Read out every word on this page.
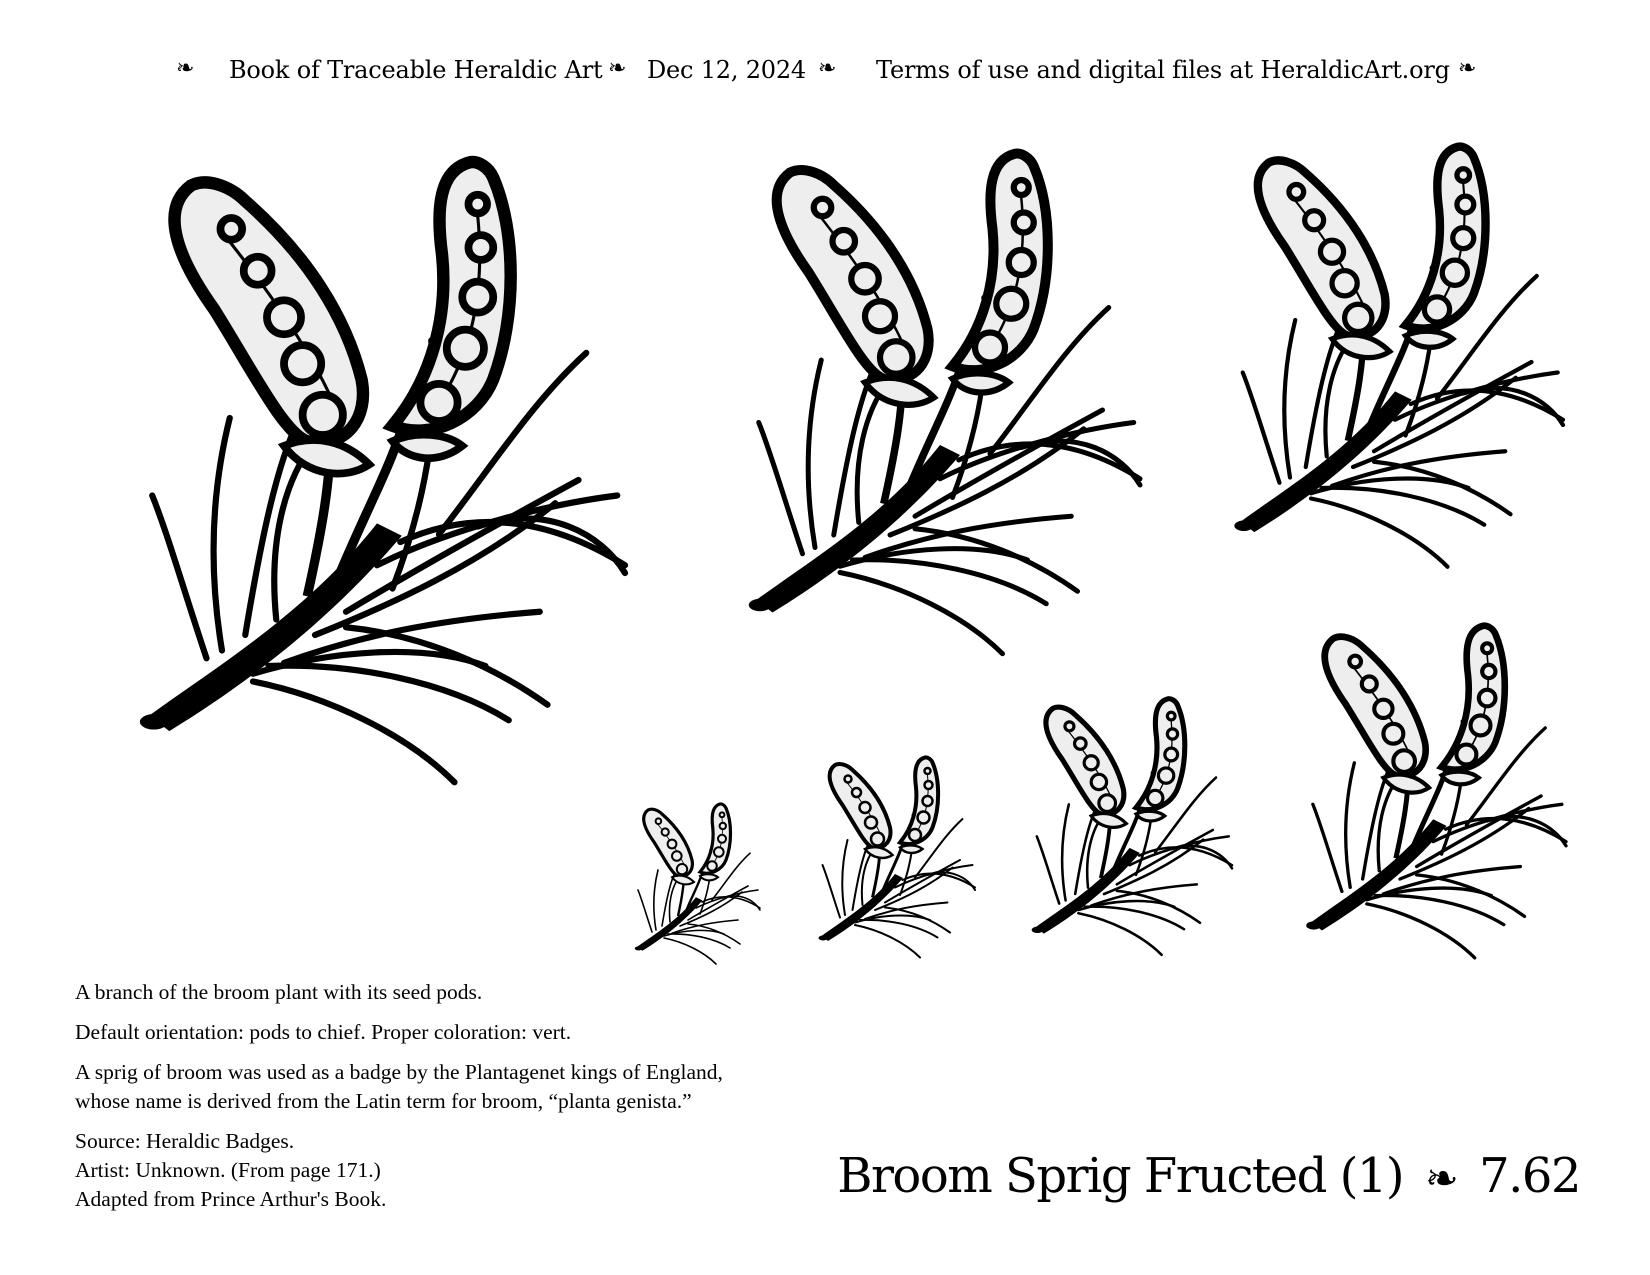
❧ Book of Traceable Heraldic Art ❧ Dec 12, 2024 ❧ Terms of use and digital files at HeraldicArt.org ❧

A branch of the broom plant with its seed pods.

Default orientation: pods to chief. Proper coloration: vert.

A sprig of broom was used as a badge by the Plantagenet kings of England,
whose name is derived from the Latin term for broom, “planta genista.”

Source: Heraldic Badges.
Artist: Unknown. (From page 171.)
Adapted from Prince Arthur's Book.	Broom Sprig Fructed (1) ❧ 7.62
